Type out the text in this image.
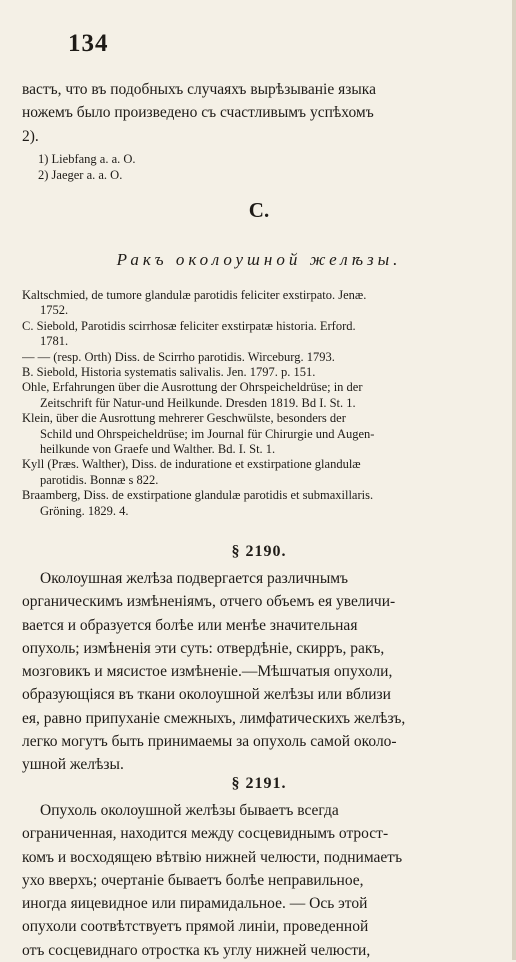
134
вастъ, что въ подобныхъ случаяхъ вырѣзываніе языка
ножемъ было произведено съ счастливымъ успѣхомъ
2).
1) Liebfang a. a. O.
2) Jaeger a. a. O.
C.
Ракъ околоушной желѣзы.
Kaltschmied, de tumore glandulæ parotidis feliciter exstirpato. Jenæ.
1752.
C. Siebold, Parotidis scirrhosæ feliciter exstirpatæ historia. Erford.
1781.
— — (resp. Orth) Diss. de Scirrho parotidis. Wirceburg. 1793.
B. Siebold, Historia systematis salivalis. Jen. 1797. p. 151.
Ohle, Erfahrungen über die Ausrottung der Ohrspeicheldrüse; in der
Zeitschrift für Natur-und Heilkunde. Dresden 1819. Bd I. St. 1.
Klein, über die Ausrottung mehrerer Geschwülste, besonders der
Schild und Ohrspeicheldrüse; im Journal für Chirurgie und Augen-
heilkunde von Graefe und Walther. Bd. I. St. 1.
Kyll (Præs. Walther), Diss. de induratione et exstirpatione glandulæ
parotidis. Bonnæ s 822.
Braamberg, Diss. de exstirpatione glandulæ parotidis et submaxillaris.
Gröning. 1829. 4.
§ 2190.
Околоушная желѣза подвергается различнымъ
органическимъ измѣненіямъ, отчего объемъ ея увеличи-
вается и образуется болѣе или менѣе значительная
опухоль; измѣненія эти суть: отвердѣніе, скирръ, ракъ,
мозговикъ и мясистое измѣненіе.—Мѣшчатыя опухоли,
образующіяся въ ткани околоушной желѣзы или вблизи
ея, равно припуханіе смежныхъ, лимфатическихъ желѣзъ,
легко могутъ быть принимаемы за опухоль самой около-
ушной желѣзы.
§ 2191.
Опухоль околоушной желѣзы бываетъ всегда
ограниченная, находится между сосцевиднымъ отрост-
комъ и восходящею вѣтвію нижней челюсти, поднимаетъ
ухо вверхъ; очертаніе бываетъ болѣе неправильное,
иногда яицевидное или пирамидальное. — Ось этой
опухоли соотвѣтствуетъ прямой линіи, проведенной
отъ сосцевиднаго отростка къ углу нижней челюсти,
